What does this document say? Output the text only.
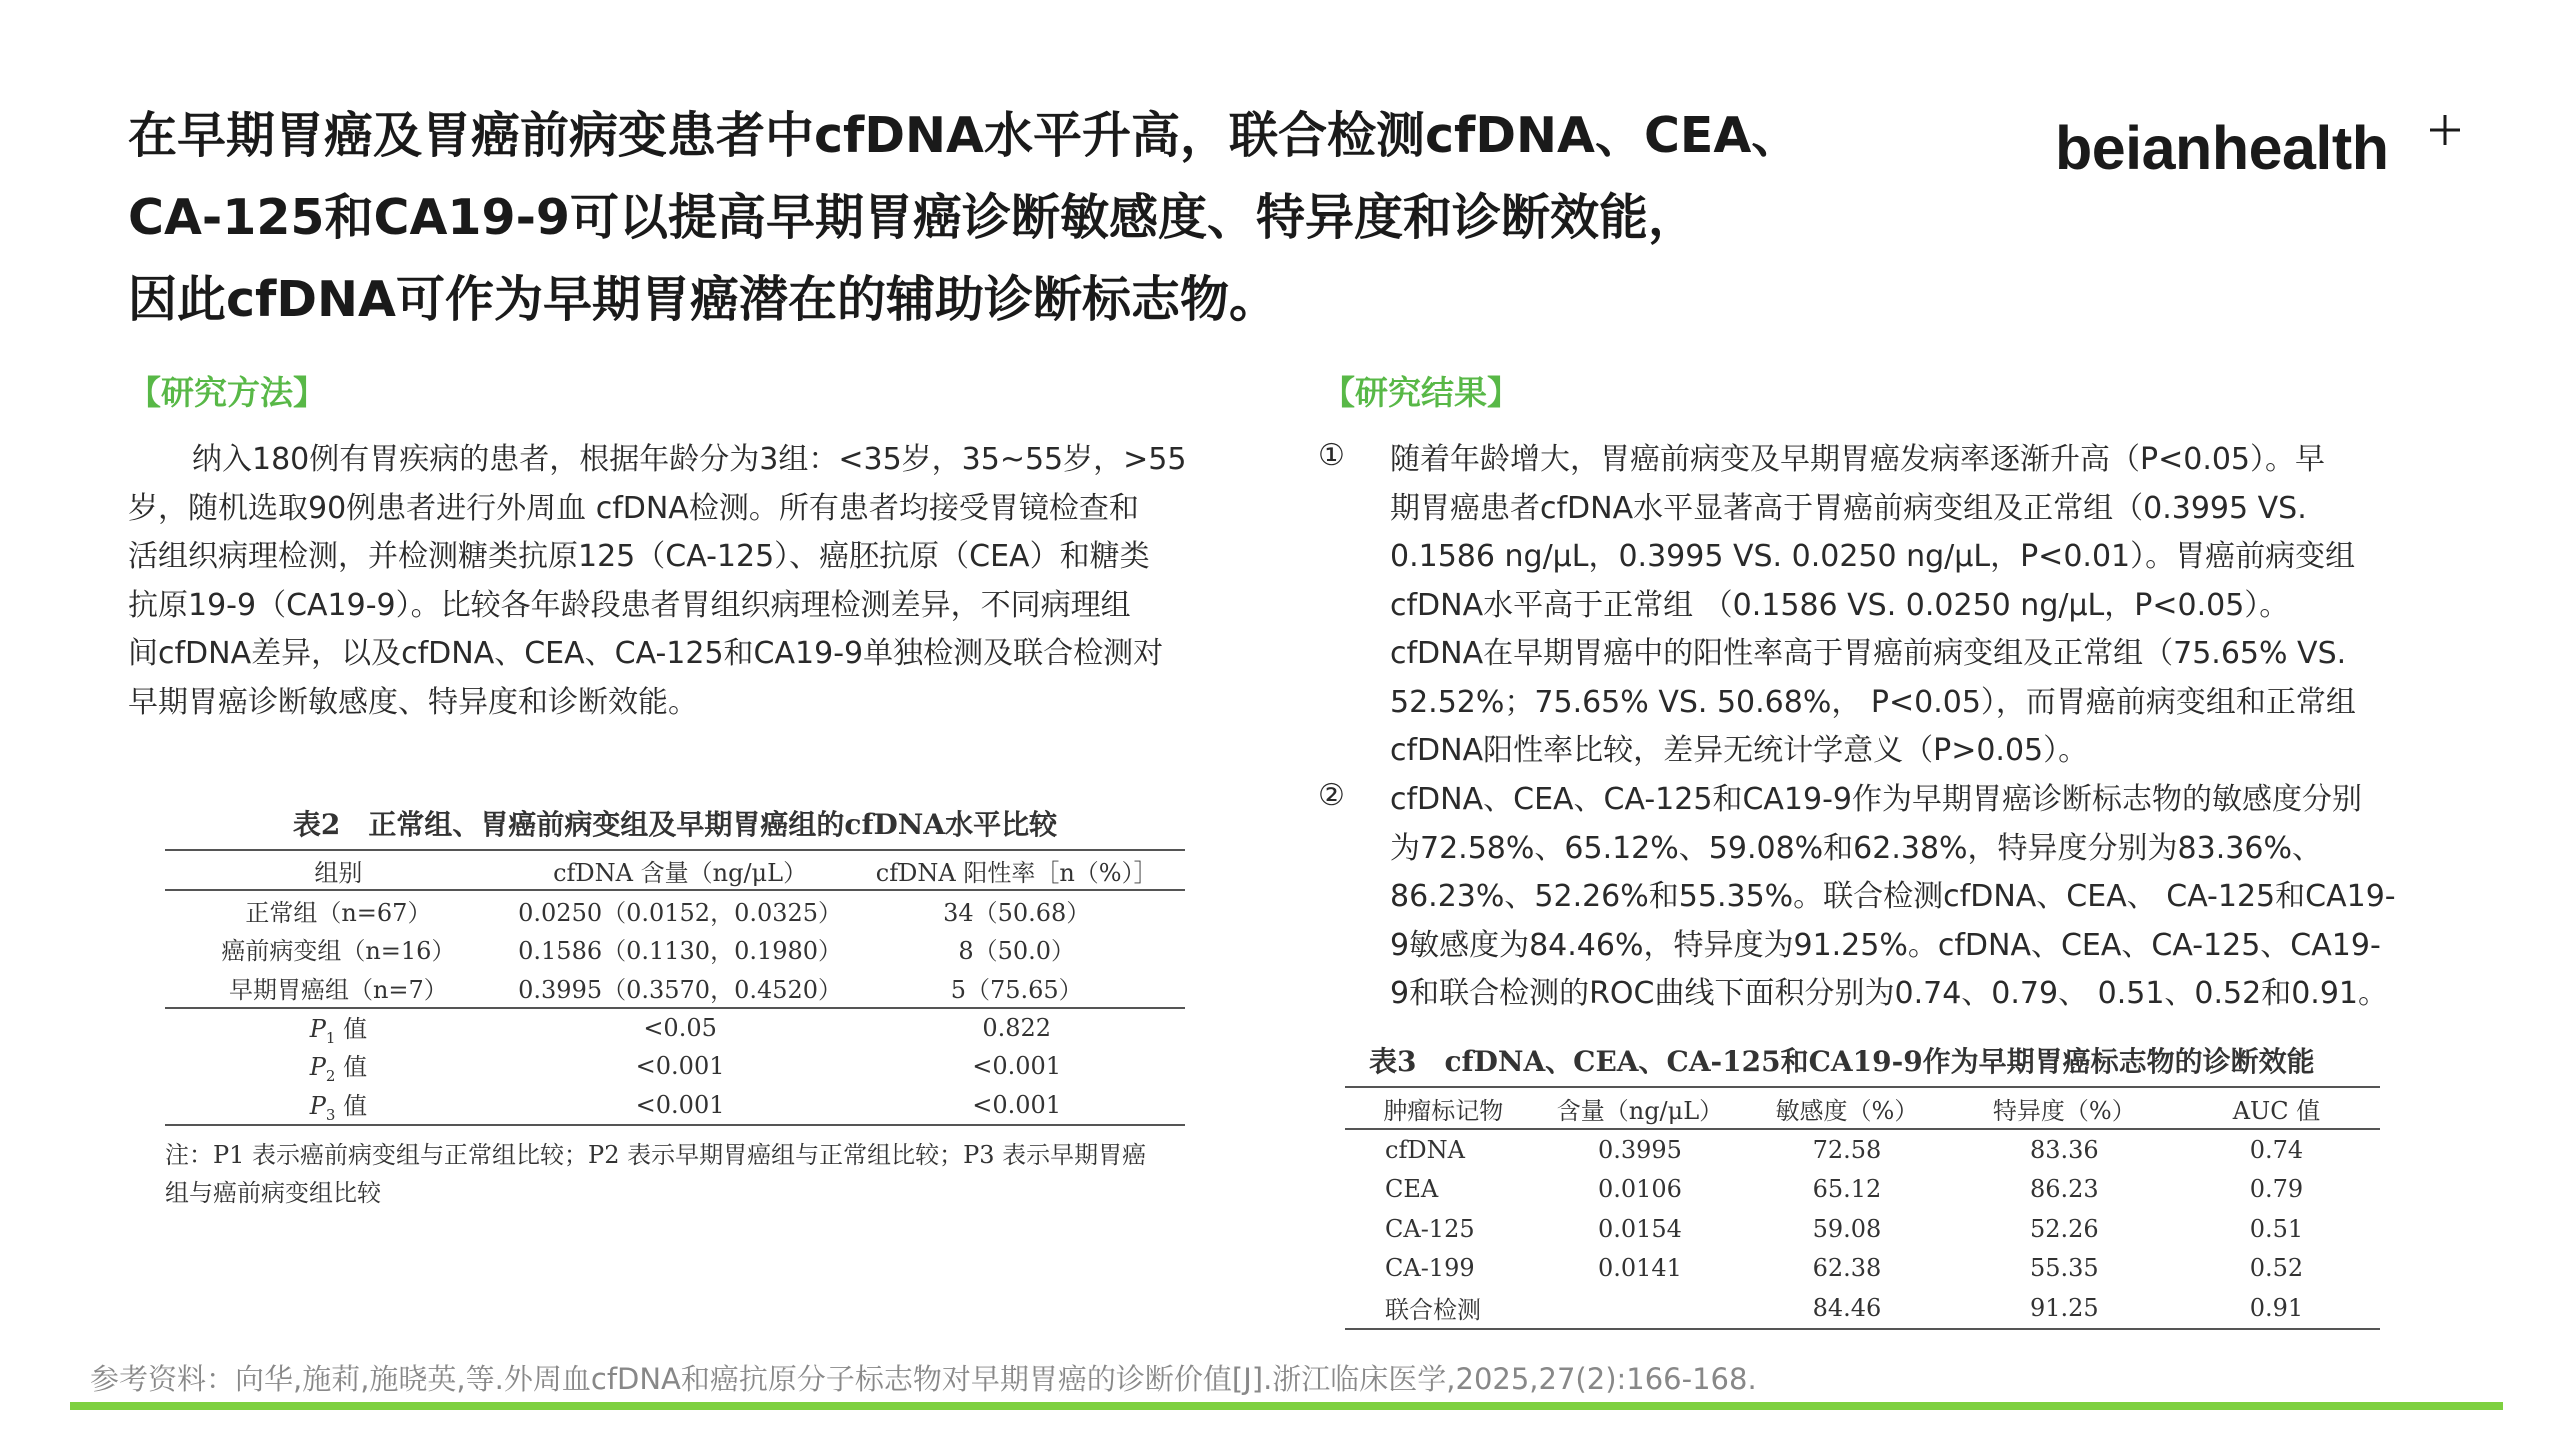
在早期胃癌及胃癌前病变患者中cfDNA水平升高，联合检测cfDNA、CEA、
CA-125和CA19-9可以提高早期胃癌诊断敏感度、特异度和诊断效能，
因此cfDNA可作为早期胃癌潜在的辅助诊断标志物。
beianhealth
【研究方法】
纳入180例有胃疾病的患者，根据年龄分为3组：<35岁，35~55岁，>55
岁，随机选取90例患者进行外周血 cfDNA检测。所有患者均接受胃镜检查和
活组织病理检测，并检测糖类抗原125（CA-125）、癌胚抗原（CEA）和糖类
抗原19-9（CA19-9）。比较各年龄段患者胃组织病理检测差异，不同病理组
间cfDNA差异，以及cfDNA、CEA、CA-125和CA19-9单独检测及联合检测对
早期胃癌诊断敏感度、特异度和诊断效能。
表2　正常组、胃癌前病变组及早期胃癌组的cfDNA水平比较
组别	cfDNA 含量（ng/μL）	cfDNA 阳性率［n（%）］
正常组（n=67）	0.0250（0.0152，0.0325）	34（50.68）
癌前病变组（n=16）	0.1586（0.1130，0.1980）	8（50.0）
早期胃癌组（n=7）	0.3995（0.3570，0.4520）	5（75.65）
$P_1$ 值	<0.05	0.822
$P_2$ 值	<0.001	<0.001
$P_3$ 值	<0.001	<0.001
注：P1 表示癌前病变组与正常组比较；P2 表示早期胃癌组与正常组比较；P3 表示早期胃癌
组与癌前病变组比较
【研究结果】
① 随着年龄增大，胃癌前病变及早期胃癌发病率逐渐升高（P<0.05）。早
期胃癌患者cfDNA水平显著高于胃癌前病变组及正常组（0.3995 VS.
0.1586 ng/μL，0.3995 VS. 0.0250 ng/μL，P<0.01）。胃癌前病变组
cfDNA水平高于正常组 （0.1586 VS. 0.0250 ng/μL，P<0.05）。
cfDNA在早期胃癌中的阳性率高于胃癌前病变组及正常组（75.65% VS.
52.52%；75.65% VS. 50.68%， P<0.05），而胃癌前病变组和正常组
cfDNA阳性率比较，差异无统计学意义（P>0.05）。
② cfDNA、CEA、CA-125和CA19-9作为早期胃癌诊断标志物的敏感度分别
为72.58%、65.12%、59.08%和62.38%，特异度分别为83.36%、
86.23%、52.26%和55.35%。联合检测cfDNA、CEA、 CA-125和CA19-
9敏感度为84.46%，特异度为91.25%。cfDNA、CEA、CA-125、CA19-
9和联合检测的ROC曲线下面积分别为0.74、0.79、 0.51、0.52和0.91。
表3　cfDNA、CEA、CA-125和CA19-9作为早期胃癌标志物的诊断效能
肿瘤标记物	含量（ng/μL）	敏感度（%）	特异度（%）	AUC 值
cfDNA	0.3995	72.58	83.36	0.74
CEA	0.0106	65.12	86.23	0.79
CA-125	0.0154	59.08	52.26	0.51
CA-199	0.0141	62.38	55.35	0.52
联合检测		84.46	91.25	0.91
参考资料：向华,施莉,施晓英,等.外周血cfDNA和癌抗原分子标志物对早期胃癌的诊断价值[J].浙江临床医学,2025,27(2):166-168.
